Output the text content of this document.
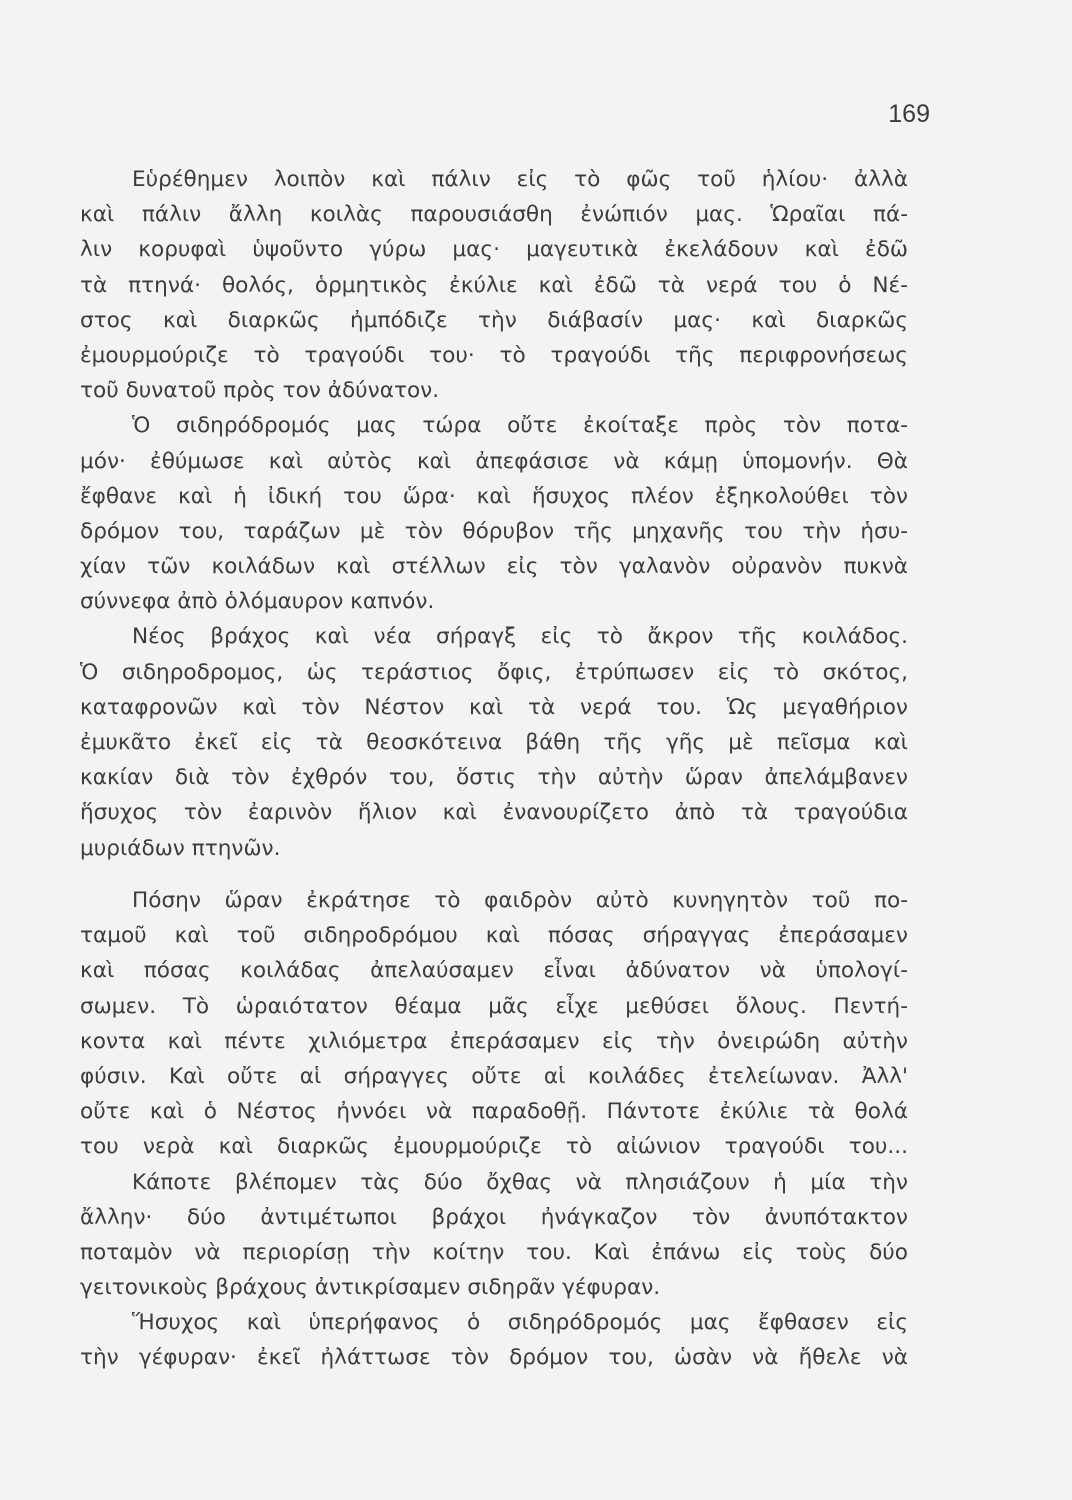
169
Εὑρέθημεν λοιπὸν καὶ πάλιν εἰς τὸ φῶς τοῦ ἡλίου· ἀλλὰ
καὶ πάλιν ἄλλη κοιλὰς παρουσιάσθη ἐνώπιόν μας. Ὡραῖαι πά-
λιν κορυφαὶ ὑψοῦντο γύρω μας· μαγευτικὰ ἐκελάδουν καὶ ἐδῶ
τὰ πτηνά· θολός, ὁρμητικὸς ἐκύλιε καὶ ἐδῶ τὰ νερά του ὁ Νέ-
στος καὶ διαρκῶς ἠμπόδιζε τὴν διάβασίν μας· καὶ διαρκῶς
ἐμουρμούριζε τὸ τραγούδι του· τὸ τραγούδι τῆς περιφρονήσεως
τοῦ δυνατοῦ πρὸς τον ἀδύνατον.
Ὁ σιδηρόδρομός μας τώρα οὔτε ἐκοίταξε πρὸς τὸν ποτα-
μόν· ἐθύμωσε καὶ αὐτὸς καὶ ἀπεφάσισε νὰ κάμῃ ὑπομονήν. Θὰ
ἔφθανε καὶ ἡ ἰδική του ὥρα· καὶ ἥσυχος πλέον ἐξηκολούθει τὸν
δρόμον του, ταράζων μὲ τὸν θόρυβον τῆς μηχανῆς του τὴν ἡσυ-
χίαν τῶν κοιλάδων καὶ στέλλων εἰς τὸν γαλανὸν οὐρανὸν πυκνὰ
σύννεφα ἀπὸ ὁλόμαυρον καπνόν.
Νέος βράχος καὶ νέα σήραγξ εἰς τὸ ἄκρον τῆς κοιλάδος.
Ὁ σιδηροδρομος, ὡς τεράστιος ὄφις, ἐτρύπωσεν εἰς τὸ σκότος,
καταφρονῶν καὶ τὸν Νέστον καὶ τὰ νερά του. Ὡς μεγαθήριον
ἐμυκᾶτο ἐκεῖ εἰς τὰ θεοσκότεινα βάθη τῆς γῆς μὲ πεῖσμα καὶ
κακίαν διὰ τὸν ἐχθρόν του, ὅστις τὴν αὐτὴν ὥραν ἀπελάμβανεν
ἥσυχος τὸν ἐαρινὸν ἥλιον καὶ ἐνανουρίζετο ἀπὸ τὰ τραγούδια
μυριάδων πτηνῶν.
Πόσην ὥραν ἐκράτησε τὸ φαιδρὸν αὐτὸ κυνηγητὸν τοῦ πο-
ταμοῦ καὶ τοῦ σιδηροδρόμου καὶ πόσας σήραγγας ἐπεράσαμεν
καὶ πόσας κοιλάδας ἀπελαύσαμεν εἶναι ἀδύνατον νὰ ὑπολογί-
σωμεν. Τὸ ὡραιότατον θέαμα μᾶς εἶχε μεθύσει ὅλους. Πεντή-
κοντα καὶ πέντε χιλιόμετρα ἐπεράσαμεν εἰς τὴν ὀνειρώδη αὐτὴν
φύσιν. Καὶ οὔτε αἱ σήραγγες οὔτε αἱ κοιλάδες ἐτελείωναν. Ἀλλ'
οὔτε καὶ ὁ Νέστος ἠννόει νὰ παραδοθῇ. Πάντοτε ἐκύλιε τὰ θολά
του νερὰ καὶ διαρκῶς ἐμουρμούριζε τὸ αἰώνιον τραγούδι του...
Κάποτε βλέπομεν τὰς δύο ὄχθας νὰ πλησιάζουν ἡ μία τὴν
ἄλλην· δύο ἀντιμέτωποι βράχοι ἠνάγκαζον τὸν ἀνυπότακτον
ποταμὸν νὰ περιορίσῃ τὴν κοίτην του. Καὶ ἐπάνω εἰς τοὺς δύο
γειτονικοὺς βράχους ἀντικρίσαμεν σιδηρᾶν γέφυραν.
Ἥσυχος καὶ ὑπερήφανος ὁ σιδηρόδρομός μας ἔφθασεν εἰς
τὴν γέφυραν· ἐκεῖ ἠλάττωσε τὸν δρόμον του, ὡσὰν νὰ ἤθελε νὰ
